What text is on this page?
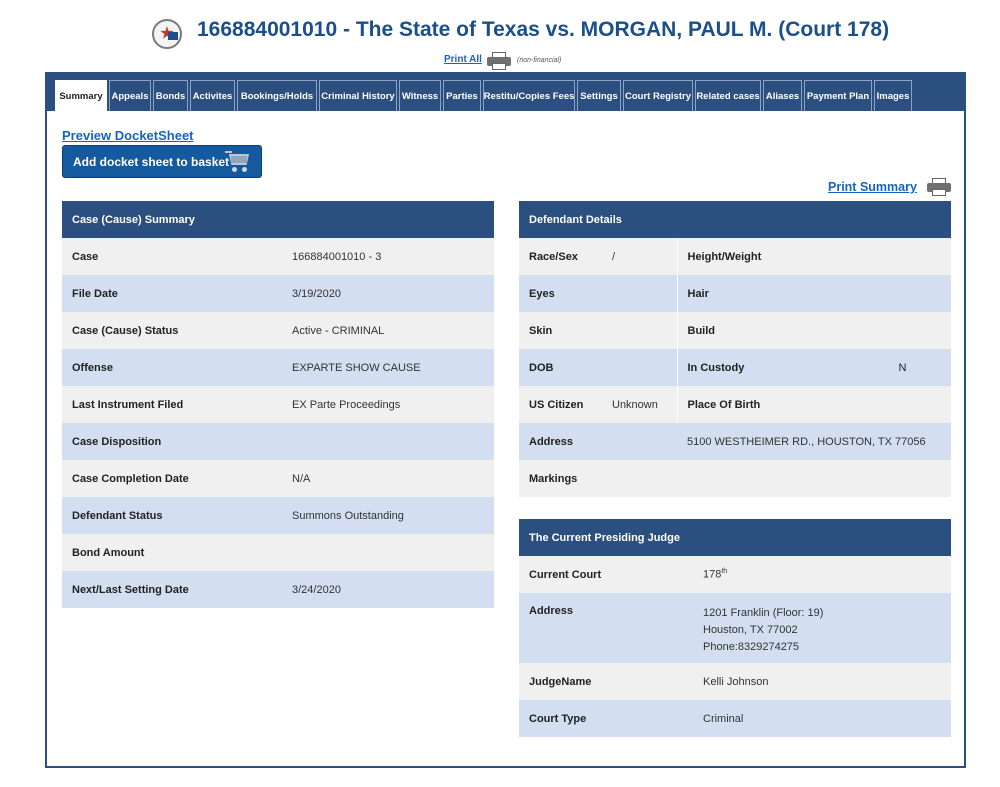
166884001010 - The State of Texas vs. MORGAN, PAUL M. (Court 178)
Print All	(non-financial)
Summary Appeals Bonds Activites Bookings/Holds Criminal History Witness Parties Restitu/Copies Fees Settings Court Registry Related cases Aliases Payment Plan Images
Preview DocketSheet
Add docket sheet to basket
Print Summary
Case (Cause) Summary	
Case	166884001010 - 3
File Date	3/19/2020
Case (Cause) Status	Active - CRIMINAL
Offense	EXPARTE SHOW CAUSE
Last Instrument Filed	EX Parte Proceedings
Case Disposition	
Case Completion Date	N/A
Defendant Status	Summons Outstanding
Bond Amount	
Next/Last Setting Date	3/24/2020
Defendant Details	

Race/Sex /	Height/Weight

Eyes	Hair

Skin	Build

DOB	In Custody N

US Citizen Unknown	Place Of Birth

Address	5100 WESTHEIMER RD., HOUSTON, TX 77056

Markings	

The Current Presiding Judge	
Current Court	178th
Address	1201 Franklin (Floor: 19)
Houston, TX 77002
Phone:8329274275

JudgeName	Kelli Johnson
Court Type	Criminal
